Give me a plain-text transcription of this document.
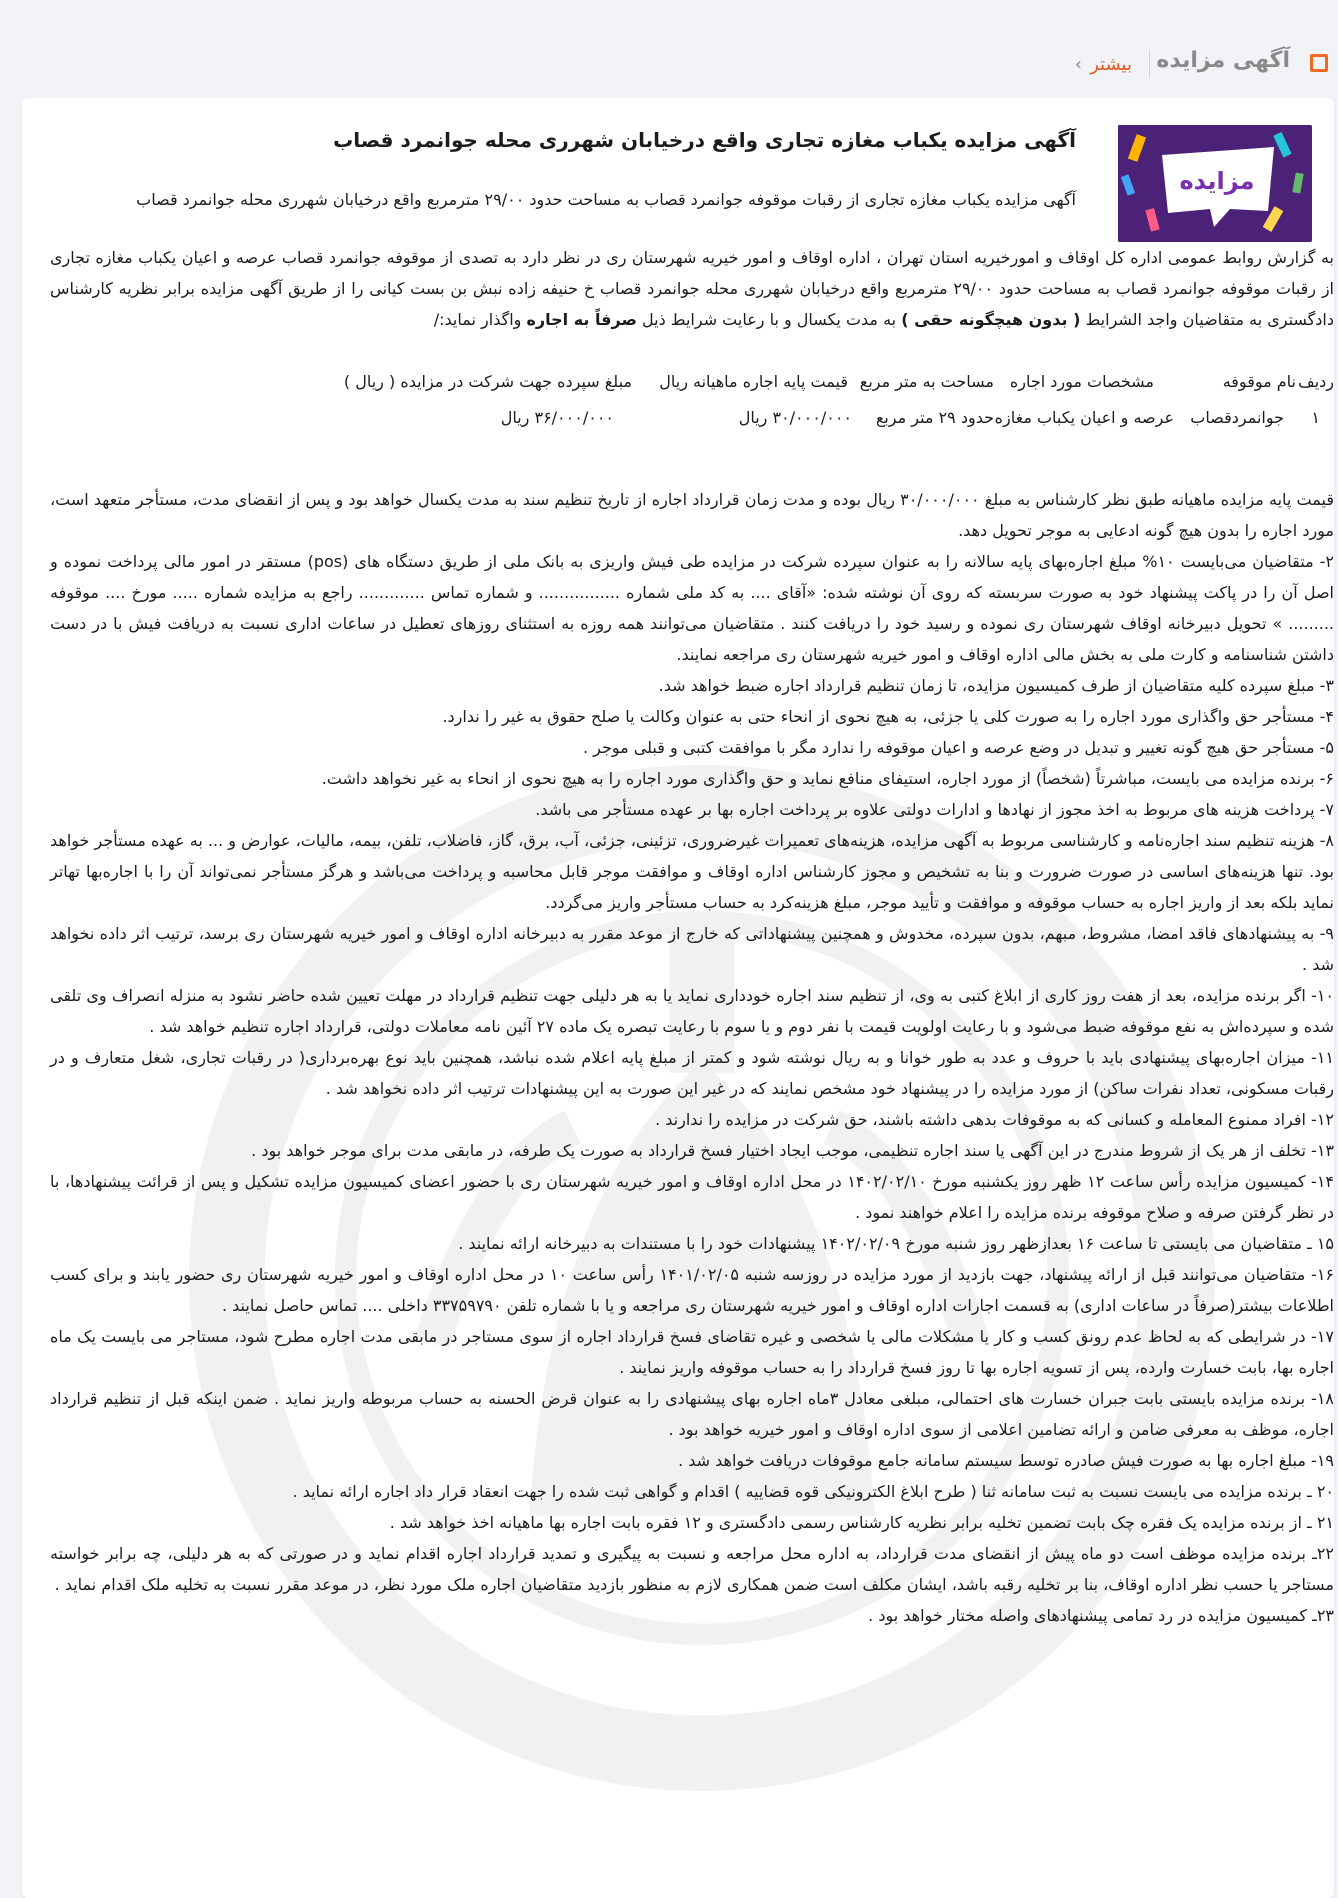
آگهی مزایده
بیشتر
›
مزایده
آگهی مزایده یکباب مغازه تجاری واقع درخیابان شهرری محله جوانمرد قصاب

آگهی مزایده یکباب مغازه تجاری از رقبات موقوفه جوانمرد قصاب به مساحت حدود ۲۹/۰۰ مترمربع واقع درخیابان شهرری محله جوانمرد قصاب

به گزارش روابط عمومی اداره کل اوقاف و امورخیریه استان تهران ، اداره اوقاف و امور خیریه شهرستان ری در نظر دارد به تصدی از موقوفه جوانمرد قصاب عرصه و اعیان یکباب مغازه تجاری از رقبات موقوفه جوانمرد قصاب به مساحت حدود ۲۹/۰۰ مترمربع واقع درخیابان شهرری محله جوانمرد قصاب خ حنیفه زاده نبش بن بست کیانی را از طریق آگهی مزایده برابر نظریه کارشناس دادگستری به متقاضیان واجد الشرایط ( بدون هیچگونه حقی ) به مدت یکسال و با رعایت شرایط ذیل صرفاً به اجاره واگذار نماید:/

ردیف
نام موقوفه
مشخصات مورد اجاره
مساحت به متر مربع
قیمت پایه اجاره ماهیانه ریال
مبلغ سپرده جهت شرکت در مزایده ( ریال )
۱
جوانمردقصاب
عرصه و اعیان یکباب مغازه
حدود ۲۹ متر مربع
۳۰/۰۰۰/۰۰۰ ریال
۳۶/۰۰۰/۰۰۰ ریال

قیمت پایه مزایده ماهیانه طبق نظر کارشناس به مبلغ ۳۰/۰۰۰/۰۰۰ ریال بوده و مدت زمان قرارداد اجاره از تاریخ تنظیم سند به مدت یکسال خواهد بود و پس از انقضای مدت، مستأجر متعهد است، مورد اجاره را بدون هیچ گونه ادعایی به موجر تحویل دهد.

۲- متقاضیان می‌بایست ۱۰% مبلغ اجاره‌بهای پایه سالانه را به عنوان سپرده شرکت در مزایده طی فیش واریزی به بانک ملی از طریق دستگاه های (pos) مستقر در امور مالی پرداخت نموده و اصل آن را در پاکت پیشنهاد خود به صورت سربسته که روی آن نوشته شده: «آقای .... به کد ملی شماره ................ و شماره تماس ............. راجع به مزایده شماره ..... مورخ .... موقوفه ......... » تحویل دبیرخانه اوقاف شهرستان ری نموده و رسید خود را دریافت کنند . متقاضیان می‌توانند همه روزه به استثنای روزهای تعطیل در ساعات اداری نسبت به دریافت فیش با در دست داشتن شناسنامه و کارت ملی به بخش مالی اداره اوقاف و امور خیریه شهرستان ری مراجعه نمایند.

۳- مبلغ سپرده کلیه متقاضیان از طرف کمیسیون مزایده، تا زمان تنظیم قرارداد اجاره ضبط خواهد شد.

۴- مستأجر حق واگذاری مورد اجاره را به صورت کلی یا جزئی، به هیچ نحوی از انحاء حتی به عنوان وکالت یا صلح حقوق به غیر را ندارد.

۵- مستأجر حق هیچ گونه تغییر و تبدیل در وضع عرصه و اعیان موقوفه را ندارد مگر با موافقت کتبی و قبلی موجر .

۶- برنده مزایده می بایست، مباشرتاً (شخصاً) از مورد اجاره، استیفای منافع نماید و حق واگذاری مورد اجاره را به هیچ نحوی از انحاء به غیر نخواهد داشت.

۷- پرداخت هزینه های مربوط به اخذ مجوز از نهادها و ادارات دولتی علاوه بر پرداخت اجاره بها بر عهده مستأجر می باشد.

۸- هزینه تنظیم سند اجاره‌نامه و کارشناسی مربوط به آگهی مزایده، هزینه‌های تعمیرات غیرضروری، تزئینی، جزئی، آب، برق، گاز، فاضلاب، تلفن، بیمه، مالیات، عوارض و ... به عهده مستأجر خواهد بود. تنها هزینه‌های اساسی در صورت ضرورت و بنا به تشخیص و مجوز کارشناس اداره اوقاف و موافقت موجر قابل محاسبه و پرداخت می‌باشد و هرگز مستأجر نمی‌تواند آن را با اجاره‌بها تهاتر نماید بلکه بعد از واریز اجاره به حساب موقوفه و موافقت و تأیید موجر، مبلغ هزینه‌کرد به حساب مستأجر واریز می‌گردد.

۹- به پیشنهادهای فاقد امضا، مشروط، مبهم، بدون سپرده، مخدوش و همچنین پیشنهاداتی که خارج از موعد مقرر به دبیرخانه اداره اوقاف و امور خیریه شهرستان ری برسد، ترتیب اثر داده نخواهد شد .

۱۰- اگر برنده مزایده، بعد از هفت روز کاری از ابلاغ کتبی به وی، از تنظیم سند اجاره خودداری نماید یا به هر دلیلی جهت تنظیم قرارداد در مهلت تعیین شده حاضر نشود به منزله انصراف وی تلقی شده و سپرده‌اش به نفع موقوفه ضبط می‌شود و با رعایت اولویت قیمت با نفر دوم و یا سوم با رعایت تبصره یک ماده ۲۷ آئین نامه معاملات دولتی، قرارداد اجاره تنظیم خواهد شد .

۱۱- میزان اجاره‌بهای پیشنهادی باید با حروف و عدد به طور خوانا و به ریال نوشته شود و کمتر از مبلغ پایه اعلام شده نباشد، همچنین باید نوع بهره‌برداری( در رقبات تجاری، شغل متعارف و در رقبات مسکونی، تعداد نفرات ساکن) از مورد مزایده را در پیشنهاد خود مشخص نمایند که در غیر این صورت به این پیشنهادات ترتیب اثر داده نخواهد شد .

۱۲- افراد ممنوع المعامله و کسانی که به موقوفات بدهی داشته باشند، حق شرکت در مزایده را ندارند .

۱۳- تخلف از هر یک از شروط مندرج در این آگهی یا سند اجاره تنظیمی، موجب ایجاد اختیار فسخ قرارداد به صورت یک طرفه، در مابقی مدت برای موجر خواهد بود .

۱۴- کمیسیون مزایده رأس ساعت ۱۲ ظهر روز یکشنبه مورخ ۱۴۰۲/۰۲/۱۰ در محل اداره اوقاف و امور خیریه شهرستان ری با حضور اعضای کمیسیون مزایده تشکیل و پس از قرائت پیشنهادها، با در نظر گرفتن صرفه و صلاح موقوفه برنده مزایده را اعلام خواهند نمود .

۱۵ ـ متقاضیان می بایستی تا ساعت ۱۶ بعدازظهر روز شنبه مورخ ۱۴۰۲/۰۲/۰۹ پیشنهادات خود را با مستندات به دبیرخانه ارائه نمایند .

۱۶- متقاضیان می‌توانند قبل از ارائه پیشنهاد، جهت بازدید از مورد مزایده در روزسه شنبه ۱۴۰۱/۰۲/۰۵ رأس ساعت ۱۰ در محل اداره اوقاف و امور خیریه شهرستان ری حضور یابند و برای کسب اطلاعات بیشتر(صرفاً در ساعات اداری) به قسمت اجارات اداره اوقاف و امور خیریه شهرستان ری مراجعه و یا با شماره تلفن ۳۳۷۵۹۷۹۰ داخلی .... تماس حاصل نمایند .

۱۷- در شرایطی که به لحاظ عدم رونق کسب و کار یا مشکلات مالی یا شخصی و غیره تقاضای فسخ قرارداد اجاره از سوی مستاجر در مابقی مدت اجاره مطرح شود، مستاجر می بایست یک ماه اجاره بها، بابت خسارت وارده، پس از تسویه اجاره بها تا روز فسخ قرارداد را به حساب موقوفه واریز نمایند .

۱۸- برنده مزایده بایستی بابت جبران خسارت های احتمالی، مبلغی معادل ۳ماه اجاره بهای پیشنهادی را به عنوان قرض الحسنه به حساب مربوطه واریز نماید . ضمن اینکه قبل از تنظیم قرارداد اجاره، موظف به معرفی ضامن و ارائه تضامین اعلامی از سوی اداره اوقاف و امور خیریه خواهد بود .

۱۹- مبلغ اجاره بها به صورت فیش صادره توسط سیستم سامانه جامع موقوفات دریافت خواهد شد .

۲۰ ـ برنده مزایده می بایست نسبت به ثبت سامانه ثنا ( طرح ابلاغ الکترونیکی قوه قضاییه ) اقدام و گواهی ثبت شده را جهت انعقاد قرار داد اجاره ارائه نماید .

۲۱ ـ از برنده مزایده یک فقره چک بابت تضمین تخلیه برابر نظریه کارشناس رسمی دادگستری و ۱۲ فقره بابت اجاره بها ماهیانه اخذ خواهد شد .

۲۲ـ برنده مزایده موظف است دو ماه پیش از انقضای مدت قرارداد، به اداره محل مراجعه و نسبت به پیگیری و تمدید قرارداد اجاره اقدام نماید و در صورتی که به هر دلیلی، چه برابر خواسته مستاجر یا حسب نظر اداره اوقاف، بنا بر تخلیه رقبه باشد، ایشان مکلف است ضمن همکاری لازم به منظور بازدید متقاضیان اجاره ملک مورد نظر، در موعد مقرر نسبت به تخلیه ملک اقدام نماید .

۲۳ـ کمیسیون مزایده در رد تمامی پیشنهادهای واصله مختار خواهد بود .
